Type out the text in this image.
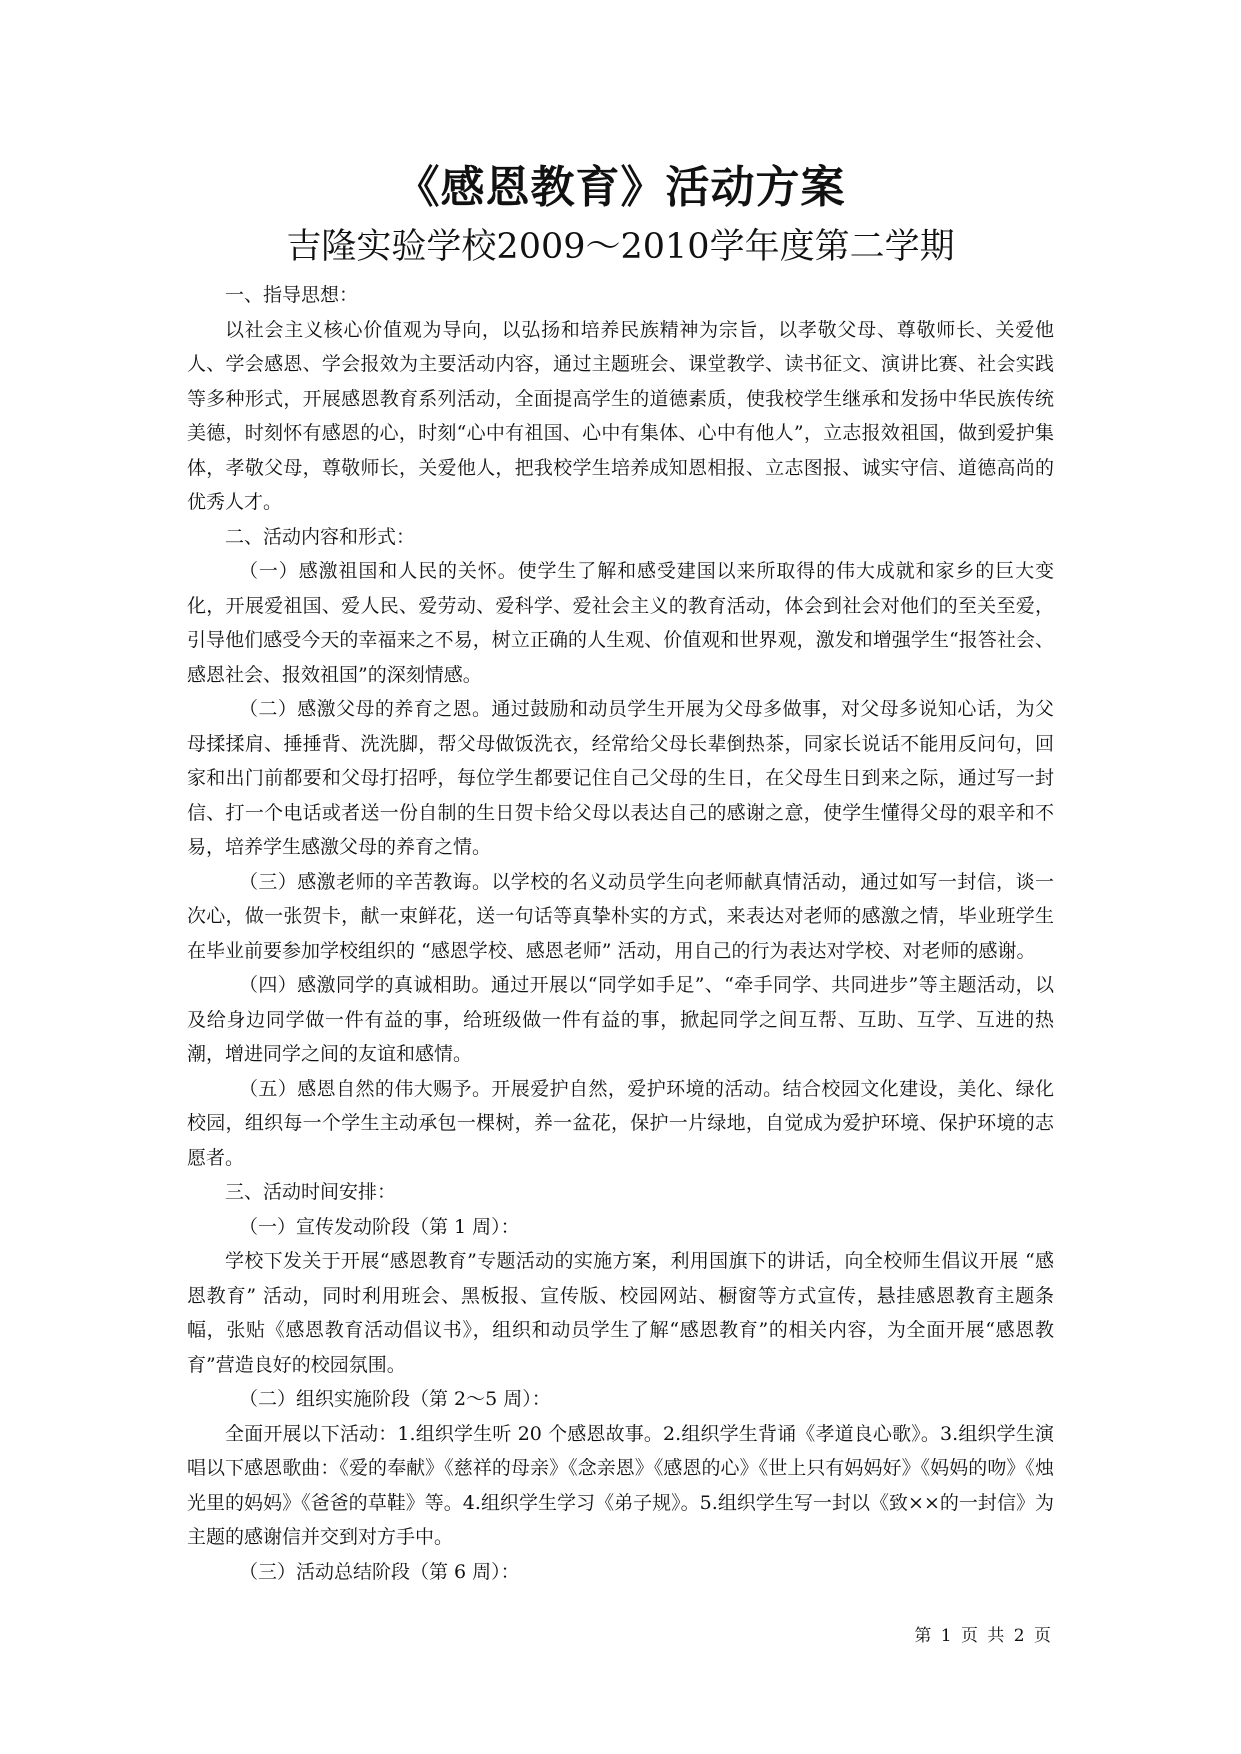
《感恩教育》活动方案
吉隆实验学校2009～2010学年度第二学期

一、指导思想：

以社会主义核心价值观为导向，以弘扬和培养民族精神为宗旨，以孝敬父母、尊敬师长、关爱他人、学会感恩、学会报效为主要活动内容，通过主题班会、课堂教学、读书征文、演讲比赛、社会实践等多种形式，开展感恩教育系列活动，全面提高学生的道德素质，使我校学生继承和发扬中华民族传统美德，时刻怀有感恩的心，时刻“心中有祖国、心中有集体、心中有他人”，立志报效祖国，做到爱护集体，孝敬父母，尊敬师长，关爱他人，把我校学生培养成知恩相报、立志图报、诚实守信、道德高尚的优秀人才。

二、活动内容和形式：

（一）感激祖国和人民的关怀。使学生了解和感受建国以来所取得的伟大成就和家乡的巨大变化，开展爱祖国、爱人民、爱劳动、爱科学、爱社会主义的教育活动，体会到社会对他们的至关至爱，引导他们感受今天的幸福来之不易，树立正确的人生观、价值观和世界观，激发和增强学生“报答社会、感恩社会、报效祖国”的深刻情感。

（二）感激父母的养育之恩。通过鼓励和动员学生开展为父母多做事，对父母多说知心话，为父母揉揉肩、捶捶背、洗洗脚，帮父母做饭洗衣，经常给父母长辈倒热茶，同家长说话不能用反问句，回家和出门前都要和父母打招呼，每位学生都要记住自己父母的生日，在父母生日到来之际，通过写一封信、打一个电话或者送一份自制的生日贺卡给父母以表达自己的感谢之意，使学生懂得父母的艰辛和不易，培养学生感激父母的养育之情。

（三）感激老师的辛苦教诲。以学校的名义动员学生向老师献真情活动，通过如写一封信，谈一次心，做一张贺卡，献一束鲜花，送一句话等真挚朴实的方式，来表达对老师的感激之情，毕业班学生在毕业前要参加学校组织的 “感恩学校、感恩老师” 活动，用自己的行为表达对学校、对老师的感谢。

（四）感激同学的真诚相助。通过开展以“同学如手足”、“牵手同学、共同进步”等主题活动，以及给身边同学做一件有益的事，给班级做一件有益的事，掀起同学之间互帮、互助、互学、互进的热潮，增进同学之间的友谊和感情。

（五）感恩自然的伟大赐予。开展爱护自然，爱护环境的活动。结合校园文化建设，美化、绿化校园，组织每一个学生主动承包一棵树，养一盆花，保护一片绿地，自觉成为爱护环境、保护环境的志愿者。

三、活动时间安排：

（一）宣传发动阶段（第 1 周）：

学校下发关于开展“感恩教育”专题活动的实施方案，利用国旗下的讲话，向全校师生倡议开展 “感恩教育” 活动，同时利用班会、黑板报、宣传版、校园网站、橱窗等方式宣传，悬挂感恩教育主题条幅，张贴《感恩教育活动倡议书》，组织和动员学生了解“感恩教育”的相关内容，为全面开展“感恩教育”营造良好的校园氛围。

（二）组织实施阶段（第 2～5 周）：

全面开展以下活动：1.组织学生听 20 个感恩故事。2.组织学生背诵《孝道良心歌》。3.组织学生演唱以下感恩歌曲：《爱的奉献》《慈祥的母亲》《念亲恩》《感恩的心》《世上只有妈妈好》《妈妈的吻》《烛光里的妈妈》《爸爸的草鞋》等。4.组织学生学习《弟子规》。5.组织学生写一封以《致××的一封信》为主题的感谢信并交到对方手中。

（三）活动总结阶段（第 6 周）：

第 1 页 共 2 页
